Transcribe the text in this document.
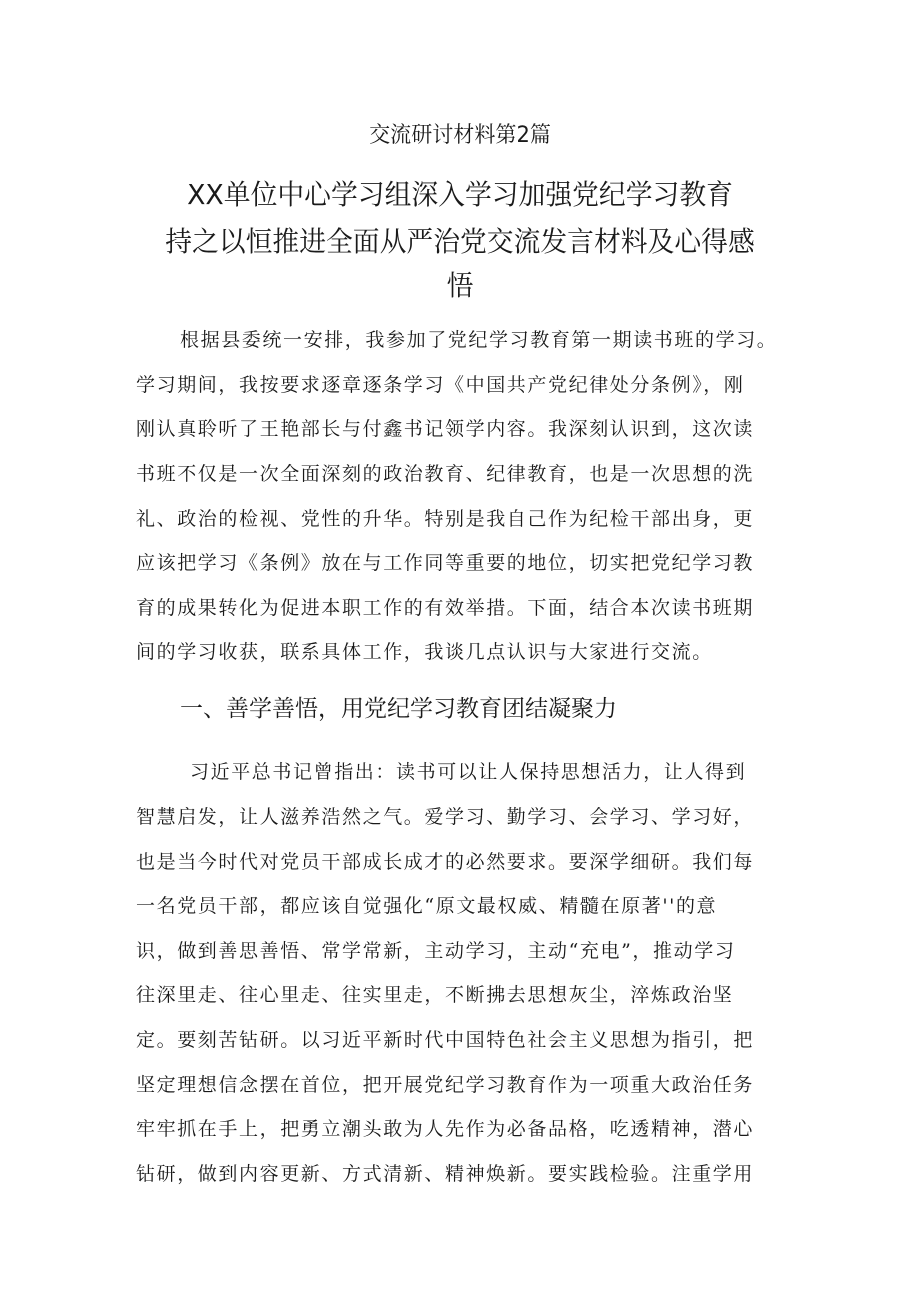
交流研讨材料第2篇

XX单位中心学习组深入学习加强党纪学习教育

持之以恒推进全面从严治党交流发言材料及心得感

悟

根据县委统一安排，我参加了党纪学习教育第一期读书班的学习。

学习期间，我按要求逐章逐条学习《中国共产党纪律处分条例》，刚

刚认真聆听了王艳部长与付鑫书记领学内容。我深刻认识到，这次读

书班不仅是一次全面深刻的政治教育、纪律教育，也是一次思想的洗

礼、政治的检视、党性的升华。特别是我自己作为纪检干部出身，更

应该把学习《条例》放在与工作同等重要的地位，切实把党纪学习教

育的成果转化为促进本职工作的有效举措。下面，结合本次读书班期

间的学习收获，联系具体工作，我谈几点认识与大家进行交流。

一、善学善悟，用党纪学习教育团结凝聚力

习近平总书记曾指出：读书可以让人保持思想活力，让人得到

智慧启发，让人滋养浩然之气。爱学习、勤学习、会学习、学习好，

也是当今时代对党员干部成长成才的必然要求。要深学细研。我们每

一名党员干部，都应该自觉强化“原文最权威、精髓在原著''的意

识，做到善思善悟、常学常新，主动学习，主动“充电”，推动学习

往深里走、往心里走、往实里走，不断拂去思想灰尘，淬炼政治坚

定。要刻苦钻研。以习近平新时代中国特色社会主义思想为指引，把

坚定理想信念摆在首位，把开展党纪学习教育作为一项重大政治任务

牢牢抓在手上，把勇立潮头敢为人先作为必备品格，吃透精神，潜心

钻研，做到内容更新、方式清新、精神焕新。要实践检验。注重学用
